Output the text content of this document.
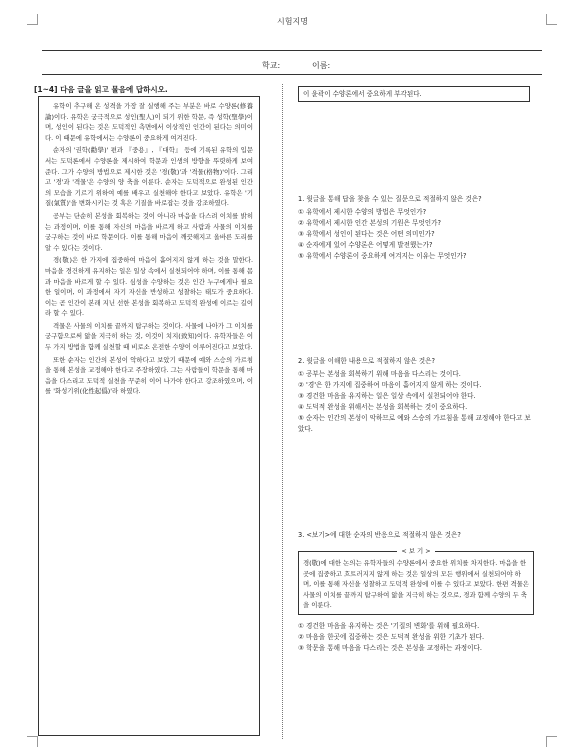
시험지명
학교:	이름:
[1~4] 다음 글을 읽고 물음에 답하시오.

유학이 추구해 온 성격을 가장 잘 실행해 주는 부분은 바로 수양론(修養論)이다. 유학은 궁극적으로 성인(聖人)이 되기 위한 학문, 즉 성학(聖學)이며, 성인이 된다는 것은 도덕적인 측면에서 이상적인 인간이 된다는 의미이다. 이 때문에 유학에서는 수양론이 중요하게 여겨진다.

순자의 '권학(勸學)' 편과 『중용』, 『대학』 등에 기록된 유학의 입문서는 도덕론에서 수양론을 제시하여 학문과 인생의 방향을 뚜렷하게 보여 준다. 그가 수양의 방법으로 제시한 것은 '경(敬)'과 '격물(格物)'이다. 그리고 '경'과 '격물'은 수양의 양 축을 이룬다. 순자는 도덕적으로 완성된 인간의 모습을 기르기 위하여 예를 배우고 실천해야 한다고 보았다. 유학은 '기질(氣質)'을 변화시키는 것 혹은 기질을 바로잡는 것을 강조하였다.

공부는 단순히 본성을 회복하는 것이 아니라 마음을 다스려 이치를 밝히는 과정이며, 이를 통해 자신의 마음을 바르게 하고 사람과 사물의 이치를 궁구하는 것이 바로 학문이다. 이를 통해 마음이 깨끗해지고 올바른 도리를 알 수 있다는 것이다.

경(敬)은 한 가지에 집중하여 마음이 흩어지지 않게 하는 것을 말한다. 마음을 경건하게 유지하는 일은 일상 속에서 실천되어야 하며, 이를 통해 몸과 마음을 바르게 할 수 있다. 심성을 수양하는 것은 인간 누구에게나 필요한 일이며, 이 과정에서 자기 자신을 반성하고 성찰하는 태도가 중요하다. 이는 곧 인간이 본래 지닌 선한 본성을 회복하고 도덕적 완성에 이르는 길이라 할 수 있다.

격물은 사물의 이치를 끝까지 탐구하는 것이다. 사물에 나아가 그 이치를 궁구함으로써 앎을 지극히 하는 것, 이것이 치지(致知)이다. 유학자들은 이 두 가지 방법을 함께 실천할 때 비로소 온전한 수양이 이루어진다고 보았다.

또한 순자는 인간의 본성이 악하다고 보았기 때문에 예와 스승의 가르침을 통해 본성을 교정해야 한다고 주장하였다. 그는 사람들이 학문을 통해 마음을 다스리고 도덕적 실천을 꾸준히 이어 나가야 한다고 강조하였으며, 이를 '화성기위(化性起僞)'라 하였다.

이 윤곽이 수양론에서 중요하게 부각된다.
1. 윗글을 통해 답을 찾을 수 있는 질문으로 적절하지 않은 것은?

① 유학에서 제시한 수양의 방법은 무엇인가?

② 유학에서 제시한 인간 본성의 기원은 무엇인가?

③ 유학에서 성인이 된다는 것은 어떤 의미인가?

④ 순자에게 있어 수양론은 어떻게 발전했는가?

⑤ 유학에서 수양론이 중요하게 여겨지는 이유는 무엇인가?

2. 윗글을 이해한 내용으로 적절하지 않은 것은?

① 공부는 본성을 회복하기 위해 마음을 다스리는 것이다.

② '경'은 한 가지에 집중하여 마음이 흩어지지 않게 하는 것이다.

③ 경건한 마음을 유지하는 일은 일상 속에서 실천되어야 한다.

④ 도덕적 완성을 위해서는 본성을 회복하는 것이 중요하다.

⑤ 순자는 인간의 본성이 악하므로 예와 스승의 가르침을 통해 교정해야 한다고 보았다.

3. <보기>에 대한 순자의 반응으로 적절하지 않은 것은?
< 보 기 >
경(敬)에 대한 논의는 유학자들의 수양론에서 중요한 위치를 차지한다. 마음을 한곳에 집중하고 흐트러지지 않게 하는 것은 일상의 모든 행위에서 실천되어야 하며, 이를 통해 자신을 성찰하고 도덕적 완성에 이를 수 있다고 보았다. 한편 격물은 사물의 이치를 끝까지 탐구하여 앎을 지극히 하는 것으로, 경과 함께 수양의 두 축을 이룬다.

① 경건한 마음을 유지하는 것은 '기질의 변화'를 위해 필요하다.

② 마음을 한곳에 집중하는 것은 도덕적 완성을 위한 기초가 된다.

③ 학문을 통해 마음을 다스리는 것은 본성을 교정하는 과정이다.
